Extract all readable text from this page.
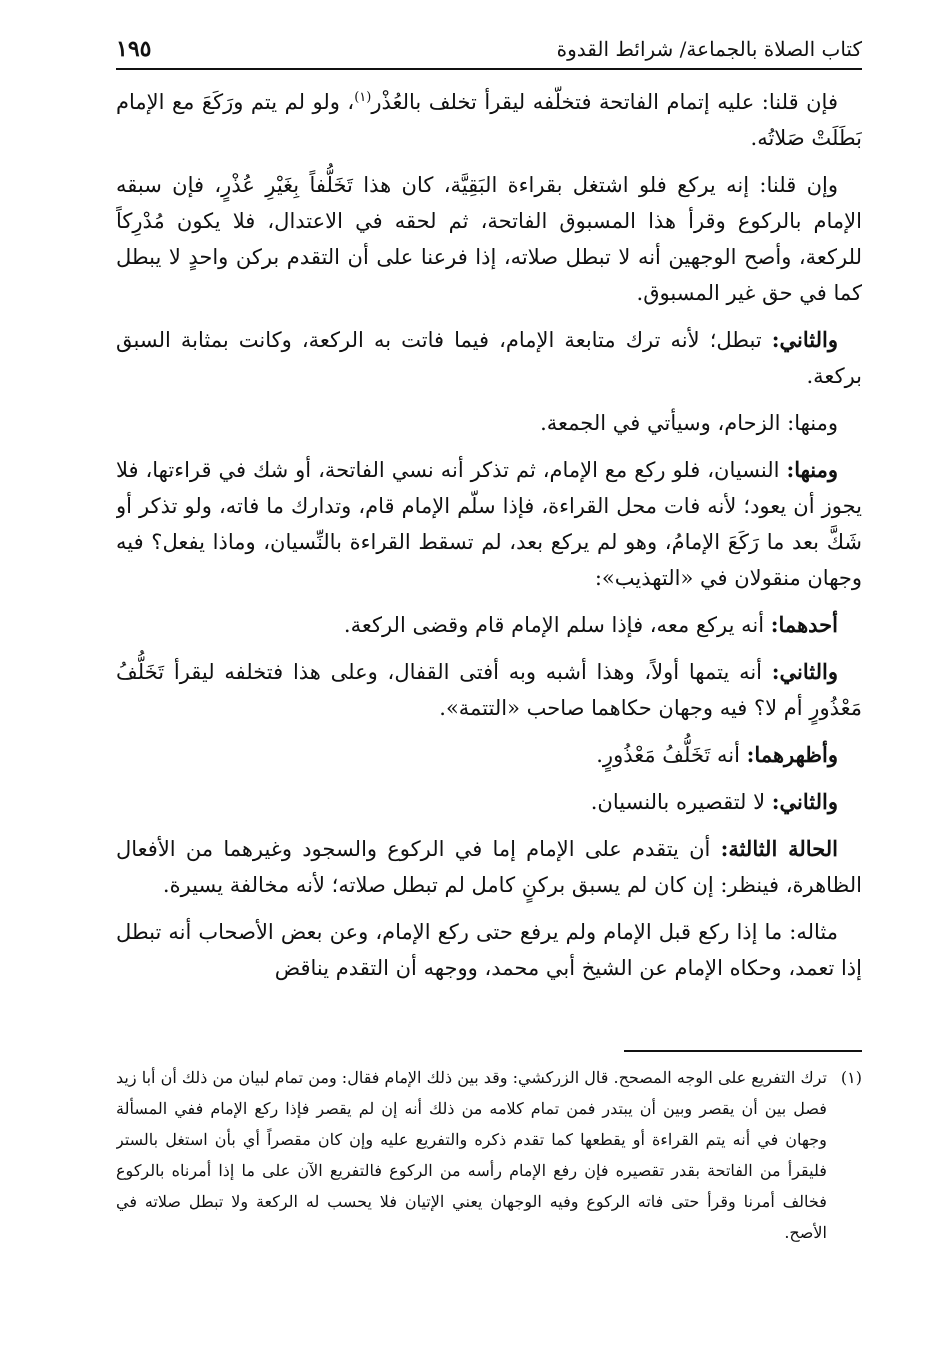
كتاب الصلاة بالجماعة/ شرائط القدوة
١٩٥

فإن قلنا: عليه إتمام الفاتحة فتخلّفه ليقرأ تخلف بالعُذْر$^{(١)}$، ولو لم يتم ورَكَعَ مع الإمام بَطَلَتْ صَلاتُه.

وإن قلنا: إنه يركع فلو اشتغل بقراءة البَقِيَّة، كان هذا تَخَلُّفاً بِغَيْرِ عُذْرٍ، فإن سبقه الإمام بالركوع وقرأ هذا المسبوق الفاتحة، ثم لحقه في الاعتدال، فلا يكون مُدْرِكاً للركعة، وأصح الوجهين أنه لا تبطل صلاته، إذا فرعنا على أن التقدم بركن واحدٍ لا يبطل كما في حق غير المسبوق.

والثاني: تبطل؛ لأنه ترك متابعة الإمام، فيما فاتت به الركعة، وكانت بمثابة السبق بركعة.

ومنها: الزحام، وسيأتي في الجمعة.

ومنها: النسيان، فلو ركع مع الإمام، ثم تذكر أنه نسي الفاتحة، أو شك في قراءتها، فلا يجوز أن يعود؛ لأنه فات محل القراءة، فإذا سلّم الإمام قام، وتدارك ما فاته، ولو تذكر أو شَكَّ بعد ما رَكَعَ الإمامُ، وهو لم يركع بعد، لم تسقط القراءة بالنِّسيان، وماذا يفعل؟ فيه وجهان منقولان في «التهذيب»:

أحدهما: أنه يركع معه، فإذا سلم الإمام قام وقضى الركعة.

والثاني: أنه يتمها أولاً، وهذا أشبه وبه أفتى القفال، وعلى هذا فتخلفه ليقرأ تَخَلُّفُ مَعْذُورٍ أم لا؟ فيه وجهان حكاهما صاحب «التتمة».

وأظهرهما: أنه تَخَلُّفُ مَعْذُورٍ.

والثاني: لا لتقصيره بالنسيان.

الحالة الثالثة: أن يتقدم على الإمام إما في الركوع والسجود وغيرهما من الأفعال الظاهرة، فينظر: إن كان لم يسبق بركنٍ كامل لم تبطل صلاته؛ لأنه مخالفة يسيرة.

مثاله: ما إذا ركع قبل الإمام ولم يرفع حتى ركع الإمام، وعن بعض الأصحاب أنه تبطل إذا تعمد، وحكاه الإمام عن الشيخ أبي محمد، ووجهه أن التقدم يناقض

(١)
ترك التفريع على الوجه المصحح. قال الزركشي: وقد بين ذلك الإمام فقال: ومن تمام لبيان من ذلك أن أبا زيد فصل بين أن يقصر وبين أن يبتدر فمن تمام كلامه من ذلك أنه إن لم يقصر فإذا ركع الإمام ففي المسألة وجهان في أنه يتم القراءة أو يقطعها كما تقدم ذكره والتفريع عليه وإن كان مقصراً أي بأن استغل بالستر فليقرأ من الفاتحة بقدر تقصيره فإن رفع الإمام رأسه من الركوع فالتفريع الآن على ما إذا أمرناه بالركوع فخالف أمرنا وقرأ حتى فاته الركوع وفيه الوجهان يعني الإتيان فلا يحسب له الركعة ولا تبطل صلاته في الأصح.
